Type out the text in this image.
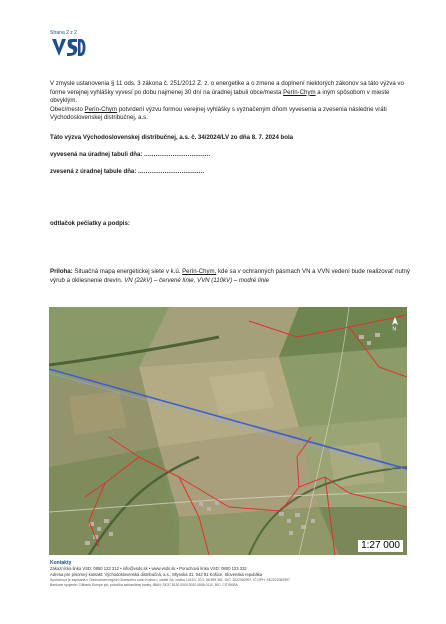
Strana 2 z 2
V zmysle ustanovenia § 11 ods. 3 zákona č. 251/2012 Z. z. o energetike a o zmene a doplnení niektorých zákonov sa táto výzva vo forme verejnej vyhlášky vyvesí po dobu najmenej 30 dní na úradnej tabuli obce/mesta Perín-Chym a iným spôsobom v mieste obvyklým.
Obec/mesto Perín-Chym potvrdení výzvu formou verejnej vyhlášky s vyznačeným dňom vyvesenia a zvesenia následne vráti Východoslovenskej distribučnej, a.s.
Táto výzva Východoslovenskej distribučnej, a.s. č. 34/2024/LV zo dňa 8. 7. 2024 bola
vyvesená na úradnej tabuli dňa: ...................................
zvesená z úradnej tabule dňa: ...................................
odtlačok pečiatky a podpis:
Príloha: Situačná mapa energetickej siete v k.ú. Perín-Chym, kde sa v ochranných pásmach VN a VVN vedení bude realizovať nutný výrub a okliesnenie drevín. VN (22kV) – červené línie, VVN (110kV) – modré línie
N
1:27 000
Kontakty
Zákaznícka linka VSD: 0850 123 312 • info@vsds.sk • www.vsds.sk • Poruchová linka VSD: 0800 123 332
Adresa pre písomný kontakt: Východoslovenská distribučná, a.s., Mlynská 31, 042 91 Košice, Slovenská republika
Spoločnosť je zapísaná v Obchodnom registri Okresného súdu Košice I, oddiel Sa, vložka 1411/V, IČO: 36 599 361, DIČ: 2022082997, IČ DPH: SK2022082997
Bankové spojenie: Citibank Europe plc, pobočka zahraničnej banky, IBAN: SK37 8130 0000 0020 0848 0110, BIC: CITISKBA
